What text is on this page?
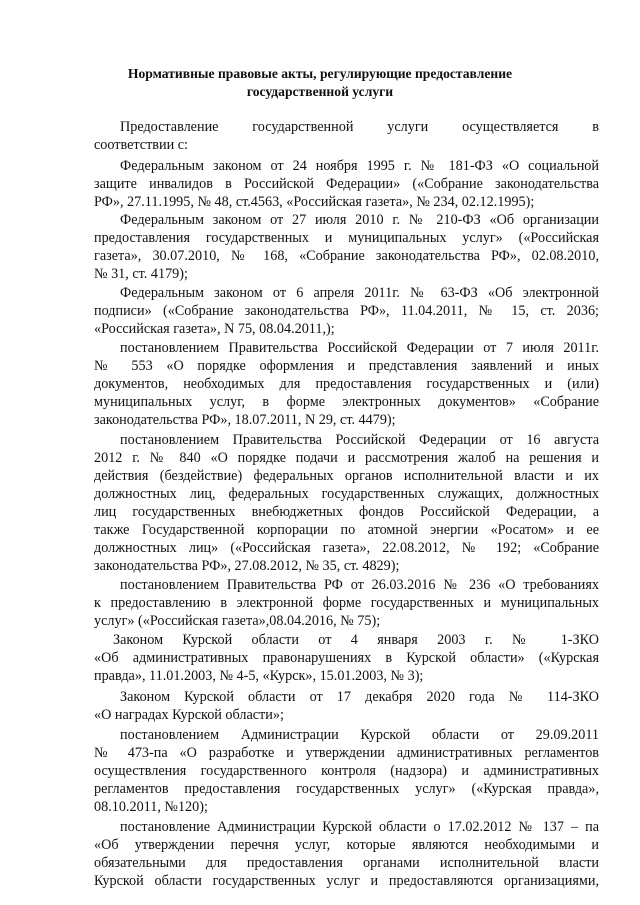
Нормативные правовые акты, регулирующие предоставление
государственной услуги
Предоставление государственной услуги осуществляется в
соответствии с:
Федеральным законом от 24 ноября 1995 г. № 181-ФЗ «О социальной
защите инвалидов в Российской Федерации» («Собрание законодательства
РФ», 27.11.1995, № 48, ст.4563, «Российская газета», № 234, 02.12.1995);
Федеральным законом от 27 июля 2010 г. № 210-ФЗ «Об организации
предоставления государственных и муниципальных услуг» («Российская
газета», 30.07.2010, № 168, «Собрание законодательства РФ», 02.08.2010,
№ 31, ст. 4179);
Федеральным законом от 6 апреля 2011г. № 63-ФЗ «Об электронной
подписи» («Собрание законодательства РФ», 11.04.2011, № 15, ст. 2036;
«Российская газета», N 75, 08.04.2011,);
постановлением Правительства Российской Федерации от 7 июля 2011г.
№ 553 «О порядке оформления и представления заявлений и иных
документов, необходимых для предоставления государственных и (или)
муниципальных услуг, в форме электронных документов» «Собрание
законодательства РФ», 18.07.2011, N 29, ст. 4479);
постановлением Правительства Российской Федерации от 16 августа
2012 г. № 840 «О порядке подачи и рассмотрения жалоб на решения и
действия (бездействие) федеральных органов исполнительной власти и их
должностных лиц, федеральных государственных служащих, должностных
лиц государственных внебюджетных фондов Российской Федерации, а
также Государственной корпорации по атомной энергии «Росатом» и ее
должностных лиц» («Российская газета», 22.08.2012, № 192; «Собрание
законодательства РФ», 27.08.2012, № 35, ст. 4829);
постановлением Правительства РФ от 26.03.2016 № 236 «О требованиях
к предоставлению в электронной форме государственных и муниципальных
услуг» («Российская газета»,08.04.2016, № 75);
Законом Курской области от 4 января 2003 г. № 1-ЗКО
«Об административных правонарушениях в Курской области» («Курская
правда», 11.01.2003, № 4-5, «Курск», 15.01.2003, № 3);
Законом Курской области от 17 декабря 2020 года № 114-ЗКО
«О наградах Курской области»;
постановлением Администрации Курской области от 29.09.2011
№ 473-па «О разработке и утверждении административных регламентов
осуществления государственного контроля (надзора) и административных
регламентов предоставления государственных услуг» («Курская правда»,
08.10.2011, №120);
постановление Администрации Курской области о 17.02.2012 № 137 – па
«Об утверждении перечня услуг, которые являются необходимыми и
обязательными для предоставления органами исполнительной власти
Курской области государственных услуг и предоставляются организациями,
